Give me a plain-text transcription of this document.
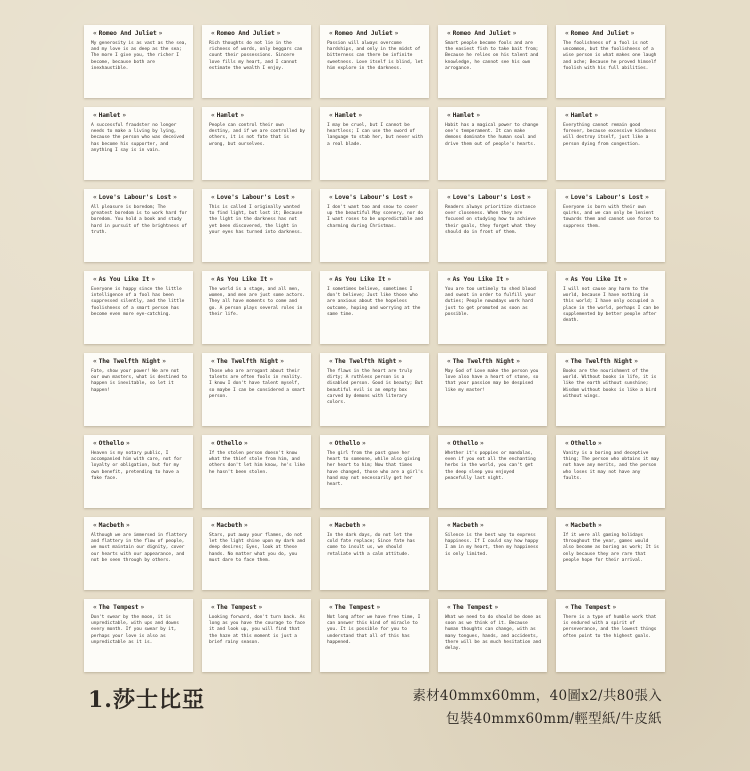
« Romeo And Juliet »
My generosity is as vast as the sea, and my love is as deep as the sea; The more I give you, the richer I become, because both are inexhaustible.
« Romeo And Juliet »
Rich thoughts do not lie in the richness of words, only beggars can count their possessions. Sincere love fills my heart, and I cannot estimate the wealth I enjoy.
« Romeo And Juliet »
Passion will always overcome hardships, and only in the midst of bitterness can there be infinite sweetness. Love itself is blind, let him explore in the darkness.
« Romeo And Juliet »
Smart people become fools and are the easiest fish to take bait from; Because he relies on his talent and knowledge, he cannot see his own arrogance.
« Romeo And Juliet »
The foolishness of a fool is not uncommon, but the foolishness of a wise person is what makes one laugh and ache; Because he proved himself foolish with his full abilities.
« Hamlet »
A successful fraudster no longer needs to make a living by lying, because the person who was deceived has become his supporter, and anything I say is in vain.
« Hamlet »
People can control their own destiny, and if we are controlled by others, it is not fate that is wrong, but ourselves.
« Hamlet »
I may be cruel, but I cannot be heartless; I can use the sword of language to stab her, but never with a real blade.
« Hamlet »
Habit has a magical power to change one's temperament. It can make demons dominate the human soul and drive them out of people's hearts.
« Hamlet »
Everything cannot remain good forever, because excessive kindness will destroy itself, just like a person dying from congestion.
« Love's Labour's Lost »
All pleasure is boredom; The greatest boredom is to work hard for boredom. You hold a book and study hard in pursuit of the brightness of truth.
« Love's Labour's Lost »
This is called I originally wanted to find light, but lost it; Because the light in the darkness has not yet been discovered, the light in your eyes has turned into darkness.
« Love's Labour's Lost »
I don't want too and snow to cover up the beautiful May scenery, nor do I want roses to be unpredictable and charming during Christmas.
« Love's Labour's Lost »
Readers always prioritize distance over closeness. When they are focused on studying how to achieve their goals, they forget what they should do in front of them.
« Love's Labour's Lost »
Everyone is born with their own quirks, and we can only be lenient towards them and cannot use force to suppress them.
« As You Like It »
Everyone is happy since the little intelligence of a fool has been suppressed silently, and the little foolishness of a smart person has become even more eye-catching.
« As You Like It »
The world is a stage, and all men, women, and men are just some actors. They all have moments to come and go. A person plays several roles in their life.
« As You Like It »
I sometimes believe, sometimes I don't believe; Just like those who are anxious about the hopeless outcome, hoping and worrying at the same time.
« As You Like It »
You are too untimely to shed blood and sweat in order to fulfill your duties; People nowadays work hard just to get promoted as soon as possible.
« As You Like It »
I will not cause any harm to the world, because I have nothing in this world; I have only occupied a place in the world, perhaps I can be supplemented by better people after death.
« The Twelfth Night »
Fate, show your power! We are not our own masters, what is destined to happen is inevitable, so let it happen!
« The Twelfth Night »
Those who are arrogant about their talents are often fools in reality. I know I don't have talent myself, so maybe I can be considered a smart person.
« The Twelfth Night »
The flaws in the heart are truly dirty; A ruthless person is a disabled person. Good is beauty; But beautiful evil is an empty box carved by demons with literary colors.
« The Twelfth Night »
May God of Love make the person you love also have a heart of stone, so that your passion may be despised like my master!
« The Twelfth Night »
Books are the nourishment of the world. Without books in life, it is like the earth without sunshine; Wisdom without books is like a bird without wings.
« Othello »
Heaven is my notary public, I accompanied him with care, not for loyalty or obligation, but for my own benefit, pretending to have a fake face.
« Othello »
If the stolen person doesn't know what the thief stole from him, and others don't let him know, he's like he hasn't been stolen.
« Othello »
The girl from the past gave her heart to someone, while also giving her heart to him; Now that times have changed, those who are a girl's hand may not necessarily get her heart.
« Othello »
Whether it's poppies or mandalas, even if you eat all the enchanting herbs in the world, you can't get the deep sleep you enjoyed peacefully last night.
« Othello »
Vanity is a boring and deceptive thing; The person who obtains it may not have any merits, and the person who loses it may not have any faults.
« Macbeth »
Although we are immersed in flattery and flattery in the flow of people, we must maintain our dignity, cover our hearts with our appearance, and not be seen through by others.
« Macbeth »
Stars, put away your flames, do not let the light shine upon my dark and deep desires; Eyes, look at these hands. No matter what you do, you must dare to face them.
« Macbeth »
In the dark days, do not let the cold fate replace; Since fate has come to insult us, we should retaliate with a calm attitude.
« Macbeth »
Silence is the best way to express happiness. If I could say how happy I am in my heart, then my happiness is only limited.
« Macbeth »
If it were all gaming holidays throughout the year, games would also become as boring as work; It is only because they are rare that people hope for their arrival.
« The Tempest »
Don't swear by the moon, it is unpredictable, with ups and downs every month. If you swear by it, perhaps your love is also as unpredictable as it is.
« The Tempest »
Looking forward, don't turn back. As long as you have the courage to face it and look up, you will find that the haze at this moment is just a brief rainy season.
« The Tempest »
Not long after we have free time, I can answer this kind of miracle to you. It is possible for you to understand that all of this has happened.
« The Tempest »
What we need to do should be done as soon as we think of it. Because human thoughts can change, with as many tongues, hands, and accidents, there will be as much hesitation and delay.
« The Tempest »
There is a type of humble work that is endured with a spirit of perseverance, and the lowest things often point to the highest goals.
1.莎士比亞	素材40mmx60mm，40圖x2/共80張入
包裝40mmx60mm/輕型紙/牛皮紙
